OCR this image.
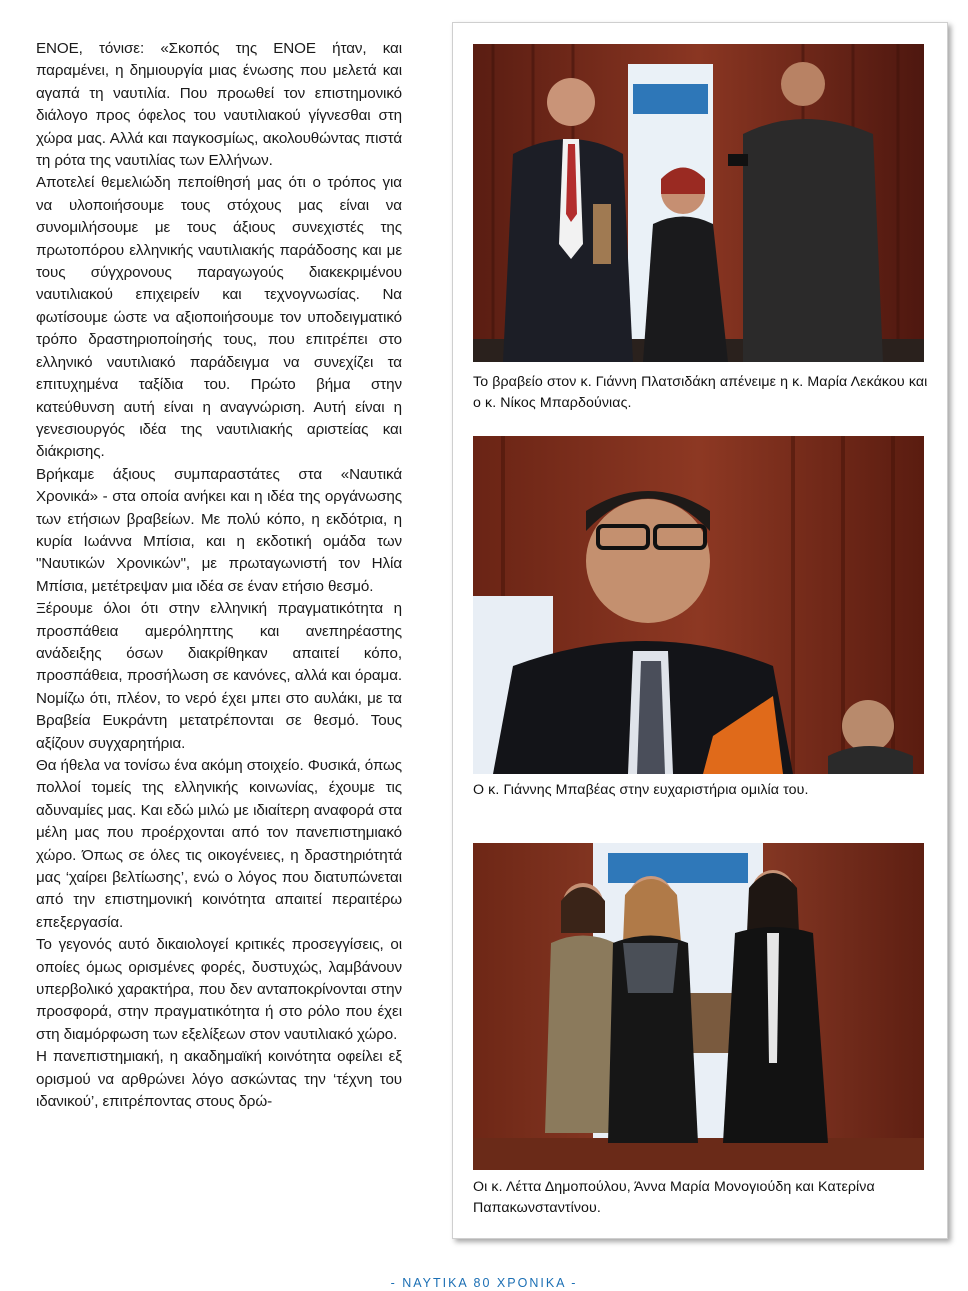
ΕΝΟΕ, τόνισε: «Σκοπός της ΕΝΟΕ ήταν, και παραμένει, η δημιουργία μιας ένωσης που μελετά και αγαπά τη ναυτιλία. Που προωθεί τον επιστημονικό διάλογο προς όφελος του ναυτιλιακού γίγνεσθαι στη χώρα μας. Αλλά και παγκοσμίως, ακολουθώντας πιστά τη ρότα της ναυτιλίας των Ελλήνων.

Αποτελεί θεμελιώδη πεποίθησή μας ότι ο τρόπος για να υλοποιήσουμε τους στόχους μας είναι να συνομιλήσουμε με τους άξιους συνεχιστές της πρωτοπόρου ελληνικής ναυτιλιακής παράδοσης και με τους σύγχρονους παραγωγούς διακεκριμένου ναυτιλιακού επιχειρείν και τεχνογνωσίας. Να φωτίσουμε ώστε να αξιοποιήσουμε τον υποδειγματικό τρόπο δραστηριοποίησής τους, που επιτρέπει στο ελληνικό ναυτιλιακό παράδειγμα να συνεχίζει τα επιτυχημένα ταξίδια του. Πρώτο βήμα στην κατεύθυνση αυτή είναι η αναγνώριση. Αυτή είναι η γενεσιουργός ιδέα της ναυτιλιακής αριστείας και διάκρισης.

Βρήκαμε άξιους συμπαραστάτες στα «Ναυτικά Χρονικά» - στα οποία ανήκει και η ιδέα της οργάνωσης των ετήσιων βραβείων. Με πολύ κόπο, η εκδότρια, η κυρία Ιωάννα Μπίσια, και η εκδοτική ομάδα των "Ναυτικών Χρονικών", με πρωταγωνιστή τον Ηλία Μπίσια, μετέτρεψαν μια ιδέα σε έναν ετήσιο θεσμό.

Ξέρουμε όλοι ότι στην ελληνική πραγματικότητα η προσπάθεια αμερόληπτης και ανεπηρέαστης ανάδειξης όσων διακρίθηκαν απαιτεί κόπο, προσπάθεια, προσήλωση σε κανόνες, αλλά και όραμα. Νομίζω ότι, πλέον, το νερό έχει μπει στο αυλάκι, με τα Βραβεία Ευκράντη μετατρέπονται σε θεσμό. Τους αξίζουν συγχαρητήρια.

Θα ήθελα να τονίσω ένα ακόμη στοιχείο. Φυσικά, όπως πολλοί τομείς της ελληνικής κοινωνίας, έχουμε τις αδυναμίες μας. Και εδώ μιλώ με ιδιαίτερη αναφορά στα μέλη μας που προέρχονται από τον πανεπιστημιακό χώρο. Όπως σε όλες τις οικογένειες, η δραστηριότητά μας ‘χαίρει βελτίωσης’, ενώ ο λόγος που διατυπώνεται από την επιστημονική κοινότητα απαιτεί περαιτέρω επεξεργασία.

Το γεγονός αυτό δικαιολογεί κριτικές προσεγγίσεις, οι οποίες όμως ορισμένες φορές, δυστυχώς, λαμβάνουν υπερβολικό χαρακτήρα, που δεν ανταποκρίνονται στην προσφορά, στην πραγματικότητα ή στο ρόλο που έχει στη διαμόρφωση των εξελίξεων στον ναυτιλιακό χώρο.

Η πανεπιστημιακή, η ακαδημαϊκή κοινότητα οφείλει εξ ορισμού να αρθρώνει λόγο ασκώντας την ‘τέχνη του ιδανικού’, επιτρέποντας στους δρώ-

Το βραβείο στον κ. Γιάννη Πλατσιδάκη απένειμε η κ. Μαρία Λεκάκου και ο κ. Νίκος Μπαρδούνιας.
Ο κ. Γιάννης Μπαβέας στην ευχαριστήρια ομιλία του.
Οι κ. Λέττα Δημοπούλου, Άννα Μαρία Μονογιούδη και Κατερίνα Παπακωνσταντίνου.
- ΝΑΥΤΙΚΑ 80 ΧΡΟΝΙΚΑ -
